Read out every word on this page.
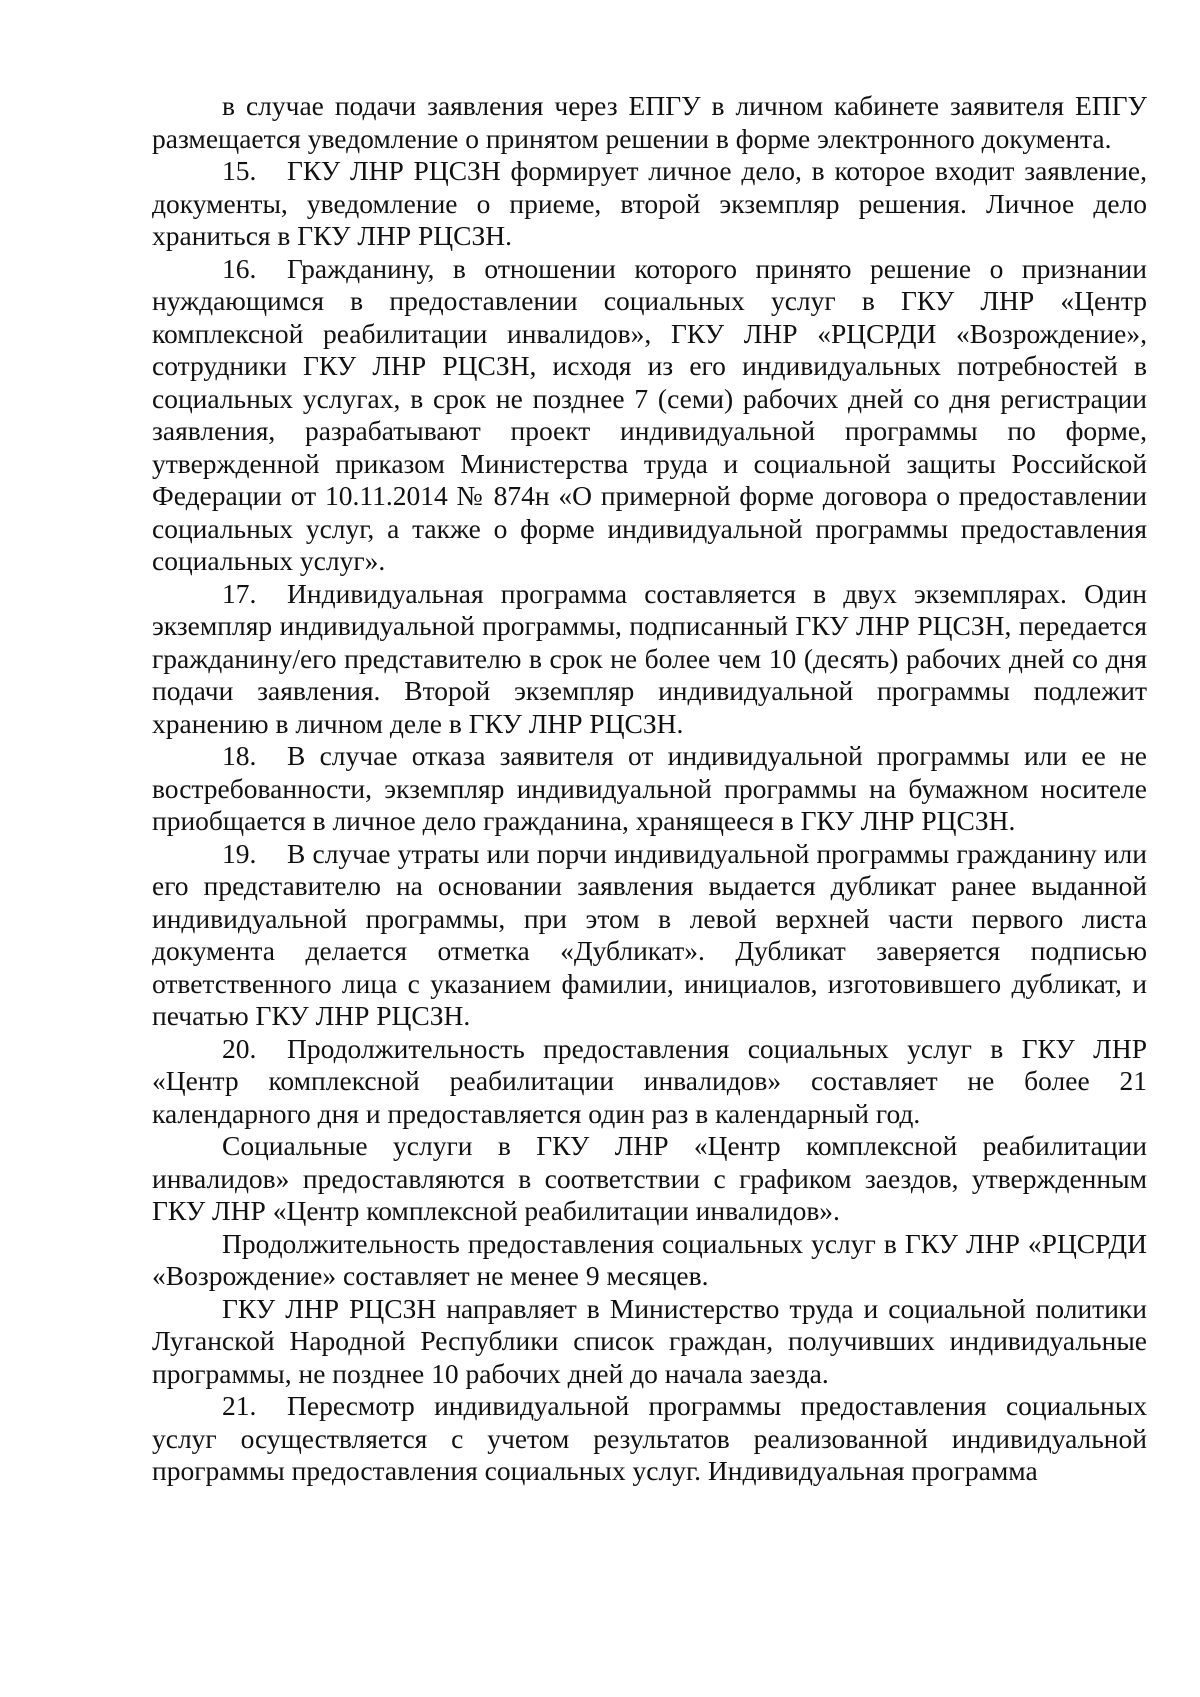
в случае подачи заявления через ЕПГУ в личном кабинете заявителя ЕПГУ размещается уведомление о принятом решении в форме электронного документа.

15. ГКУ ЛНР РЦСЗН формирует личное дело, в которое входит заявление, документы, уведомление о приеме, второй экземпляр решения. Личное дело храниться в ГКУ ЛНР РЦСЗН.

16. Гражданину, в отношении которого принято решение о признании нуждающимся в предоставлении социальных услуг в ГКУ ЛНР «Центр комплексной реабилитации инвалидов», ГКУ ЛНР «РЦСРДИ «Возрождение», сотрудники ГКУ ЛНР РЦСЗН, исходя из его индивидуальных потребностей в социальных услугах, в срок не позднее 7 (семи) рабочих дней со дня регистрации заявления, разрабатывают проект индивидуальной программы по форме, утвержденной приказом Министерства труда и социальной защиты Российской Федерации от 10.11.2014 № 874н «О примерной форме договора о предоставлении социальных услуг, а также о форме индивидуальной программы предоставления социальных услуг».

17. Индивидуальная программа составляется в двух экземплярах. Один экземпляр индивидуальной программы, подписанный ГКУ ЛНР РЦСЗН, передается гражданину/его представителю в срок не более чем 10 (десять) рабочих дней со дня подачи заявления. Второй экземпляр индивидуальной программы подлежит хранению в личном деле в ГКУ ЛНР РЦСЗН.

18. В случае отказа заявителя от индивидуальной программы или ее не востребованности, экземпляр индивидуальной программы на бумажном носителе приобщается в личное дело гражданина, хранящееся в ГКУ ЛНР РЦСЗН.

19. В случае утраты или порчи индивидуальной программы гражданину или его представителю на основании заявления выдается дубликат ранее выданной индивидуальной программы, при этом в левой верхней части первого листа документа делается отметка «Дубликат». Дубликат заверяется подписью ответственного лица с указанием фамилии, инициалов, изготовившего дубликат, и печатью ГКУ ЛНР РЦСЗН.

20. Продолжительность предоставления социальных услуг в ГКУ ЛНР «Центр комплексной реабилитации инвалидов» составляет не более 21 календарного дня и предоставляется один раз в календарный год.

Социальные услуги в ГКУ ЛНР «Центр комплексной реабилитации инвалидов» предоставляются в соответствии с графиком заездов, утвержденным ГКУ ЛНР «Центр комплексной реабилитации инвалидов».

Продолжительность предоставления социальных услуг в ГКУ ЛНР «РЦСРДИ «Возрождение» составляет не менее 9 месяцев.

ГКУ ЛНР РЦСЗН направляет в Министерство труда и социальной политики Луганской Народной Республики список граждан, получивших индивидуальные программы, не позднее 10 рабочих дней до начала заезда.

21. Пересмотр индивидуальной программы предоставления социальных услуг осуществляется с учетом результатов реализованной индивидуальной программы предоставления социальных услуг. Индивидуальная программа
